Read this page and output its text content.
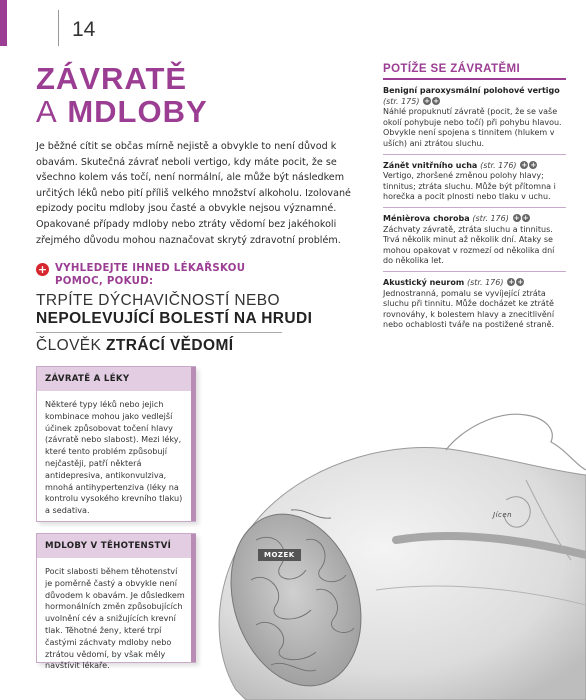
14
ZÁVRATĚ
A MDLOBY

Je běžné cítit se občas mírně nejistě a obvykle to není důvod k obavám. Skutečná závrať neboli vertigo, kdy máte pocit, že se všechno kolem vás točí, není normální, ale může být následkem určitých léků nebo pití příliš velkého množství alkoholu. Izolované epizody pocitu mdloby jsou časté a obvykle nejsou významné. Opakované případy mdloby nebo ztráty vědomí bez jakéhokoli zřejmého důvodu mohou naznačovat skrytý zdravotní problém.

+ VYHLEDEJTE IHNED LÉKAŘSKOU
POMOC, POKUD:
TRPÍTE DÝCHAVIČNOSTÍ NEBO
NEPOLEVUJÍCÍ BOLESTÍ NA HRUDI
ČLOVĚK ZTRÁCÍ VĚDOMÍ
MOZEK
Jícen
ZÁVRATĚ A LÉKY
Některé typy léků nebo jejich kombinace mohou jako vedlejší účinek způsobovat točení hlavy (závratě nebo slabost). Mezi léky, které tento problém způsobují nejčastěji, patří některá antidepresiva, antikonvulziva, mnohá antihypertenziva (léky na kontrolu vysokého krevního tlaku) a sedativa.
MDLOBY V TĚHOTENSTVÍ
Pocit slabosti během těhotenství je poměrně častý a obvykle není důvodem k obavám. Je důsledkem hormonálních změn způsobujících uvolnění cév a snižujících krevní tlak. Těhotné ženy, které trpí častými záchvaty mdloby nebo ztrátou vědomí, by však měly navštívit lékaře.
POTÍŽE SE ZÁVRATĚMI
Benigní paroxysmální polohové vertigo
(str. 175) + +
Náhlé propuknutí závratě (pocit, že se vaše okolí pohybuje nebo točí) při pohybu hlavou. Obvykle není spojena s tinnitem (hlukem v uších) ani ztrátou sluchu.
Zánět vnitřního ucha (str. 176) + +
Vertigo, zhoršené změnou polohy hlavy; tinnitus; ztráta sluchu. Může být přítomna i horečka a pocit plnosti nebo tlaku v uchu.
Ménièrova choroba (str. 176) + +
Záchvaty závratě, ztráta sluchu a tinnitus. Trvá několik minut až několik dní. Ataky se mohou opakovat v rozmezí od několika dní do několika let.
Akustický neurom (str. 176) + +
Jednostranná, pomalu se vyvíjející ztráta sluchu při tinnitu. Může docházet ke ztrátě rovnováhy, k bolestem hlavy a znecitlivění nebo ochablosti tváře na postižené straně.
